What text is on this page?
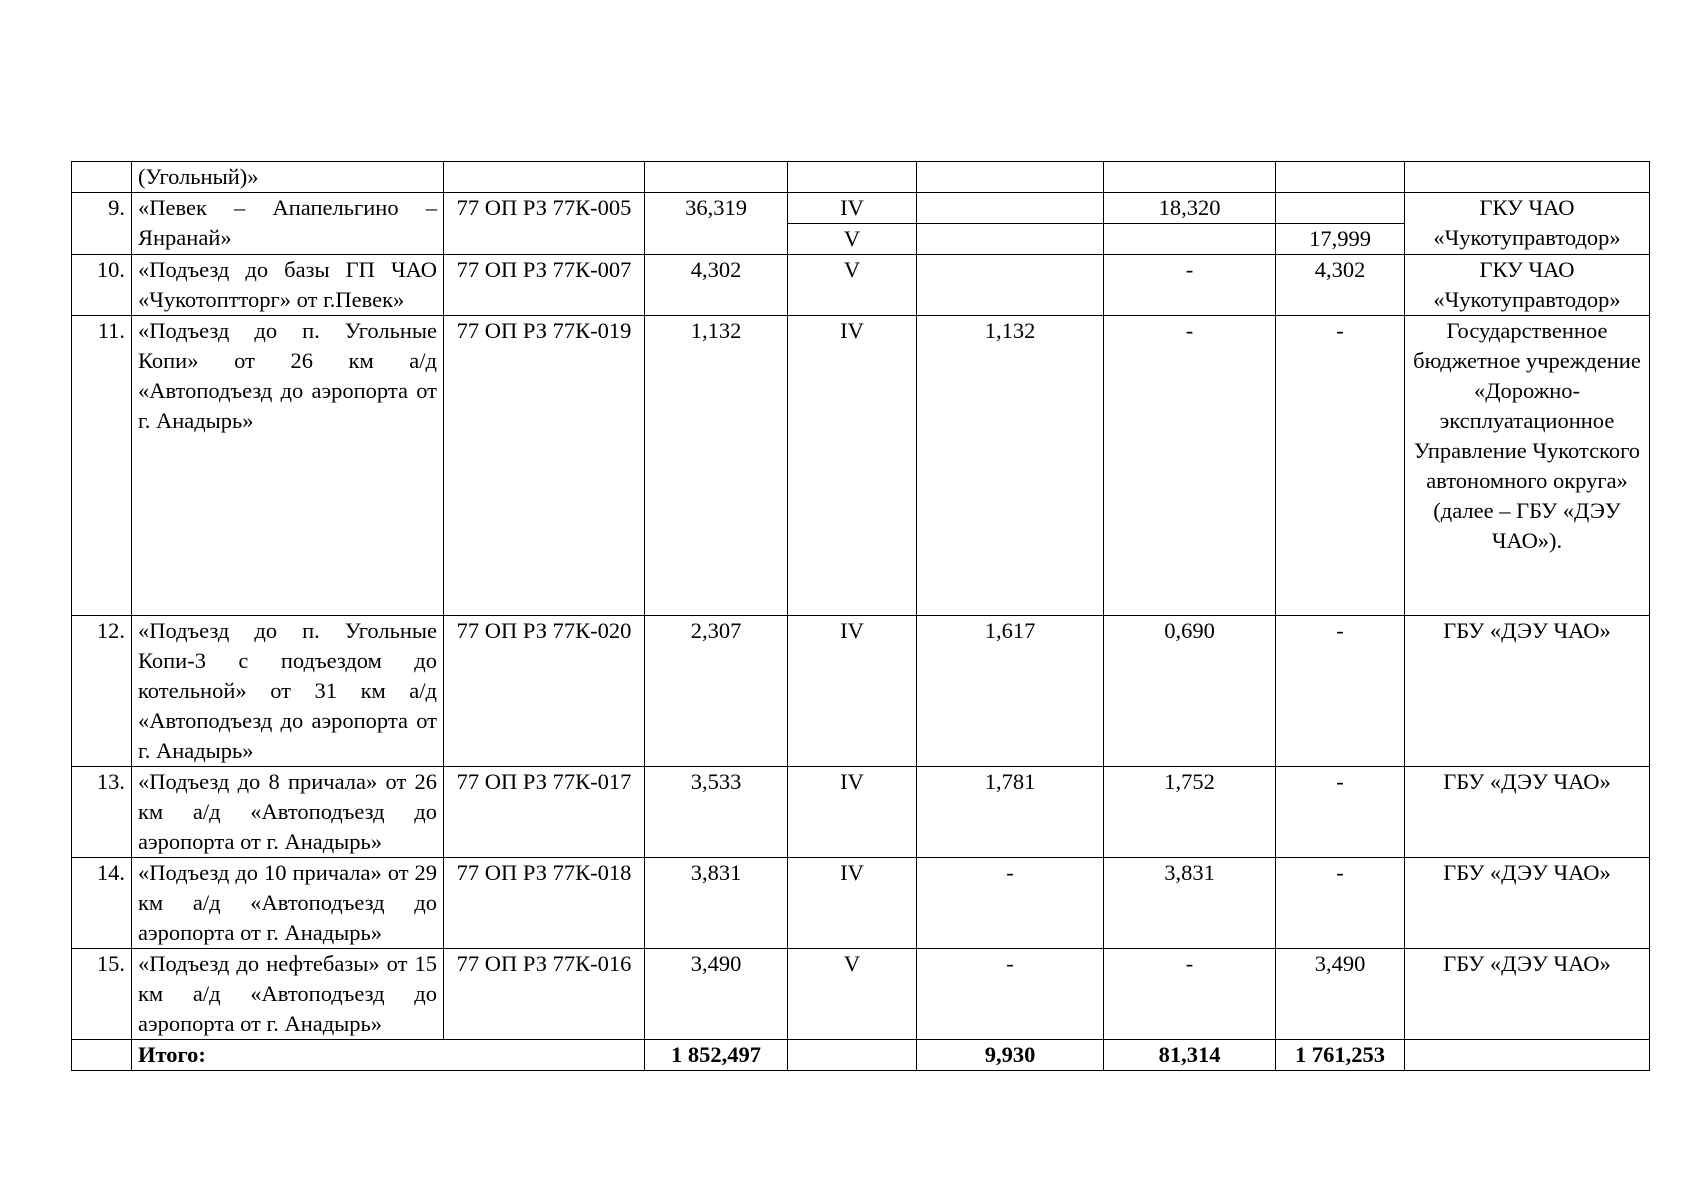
	(Угольный)»							
9.	«Певек – Апапельгино – Янранай»	77 ОП РЗ 77К-005	36,319	IV		18,320		ГКУ ЧАО «Чукотуправтодор»
				V			17,999	
10.	«Подъезд до базы ГП ЧАО «Чукотоптторг» от г.Певек»	77 ОП РЗ 77К-007	4,302	V		-	4,302	ГКУ ЧАО «Чукотуправтодор»
11.	«Подъезд до п. Угольные Копи» от 26 км а/д «Автоподъезд до аэропорта от г. Анадырь»	77 ОП РЗ 77К-019	1,132	IV	1,132	-	-	Государственное бюджетное учреждение «Дорожно-эксплуатационное Управление Чукотского автономного округа» (далее – ГБУ «ДЭУ ЧАО»).
12.	«Подъезд до п. Угольные Копи-3 с подъездом до котельной» от 31 км а/д «Автоподъезд до аэропорта от г. Анадырь»	77 ОП РЗ 77К-020	2,307	IV	1,617	0,690	-	ГБУ «ДЭУ ЧАО»
13.	«Подъезд до 8 причала» от 26 км а/д «Автоподъезд до аэропорта от г. Анадырь»	77 ОП РЗ 77К-017	3,533	IV	1,781	1,752	-	ГБУ «ДЭУ ЧАО»
14.	«Подъезд до 10 причала» от 29 км а/д «Автоподъезд до аэропорта от г. Анадырь»	77 ОП РЗ 77К-018	3,831	IV	-	3,831	-	ГБУ «ДЭУ ЧАО»
15.	«Подъезд до нефтебазы» от 15 км а/д «Автоподъезд до аэропорта от г. Анадырь»	77 ОП РЗ 77К-016	3,490	V	-	-	3,490	ГБУ «ДЭУ ЧАО»
	Итого:		1 852,497		9,930	81,314	1 761,253	
